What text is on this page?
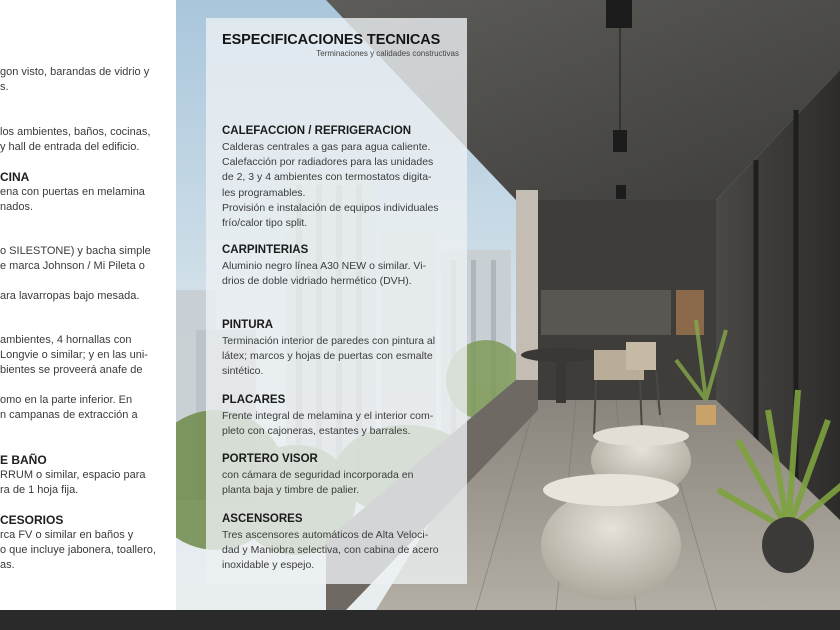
gon visto, barandas de vidrio y
s.
los ambientes, baños, cocinas,
y hall de entrada del edificio.
CINA
ena con puertas en melamina
nados.
o SILESTONE) y bacha simple
e marca Johnson / Mi Pileta o
ara lavarropas bajo mesada.
ambientes, 4 hornallas con
Longvie o similar; y en las uni-
bientes se proveerá anafe de
omo en la parte inferior. En
n campanas de extracción a
E BAÑO
RRUM o similar, espacio para
ra de 1 hoja fija.
CESORIOS
rca FV o similar en baños y
o que incluye jabonera, toallero,
as.
ESPECIFICACIONES TECNICAS
Terminaciones y calidades constructivas
CALEFACCION / REFRIGERACION
Calderas centrales a gas para agua caliente.
Calefacción por radiadores para las unidades
de 2, 3 y 4 ambientes con termostatos digita-
les programables.
Provisión e instalación de equipos individuales
frío/calor tipo split.
CARPINTERIAS
Aluminio negro línea A30 NEW o similar. Vi-
drios de doble vidriado hermético (DVH).
PINTURA
Terminación interior de paredes con pintura al
látex; marcos y hojas de puertas con esmalte
sintético.
PLACARES
Frente integral de melamina y el interior com-
pleto con cajoneras, estantes y barrales.
PORTERO VISOR
con cámara de seguridad incorporada en
planta baja y timbre de palier.
ASCENSORES
Tres ascensores automáticos de Alta Veloci-
dad y Maniobra selectiva, con cabina de acero
inoxidable y espejo.
